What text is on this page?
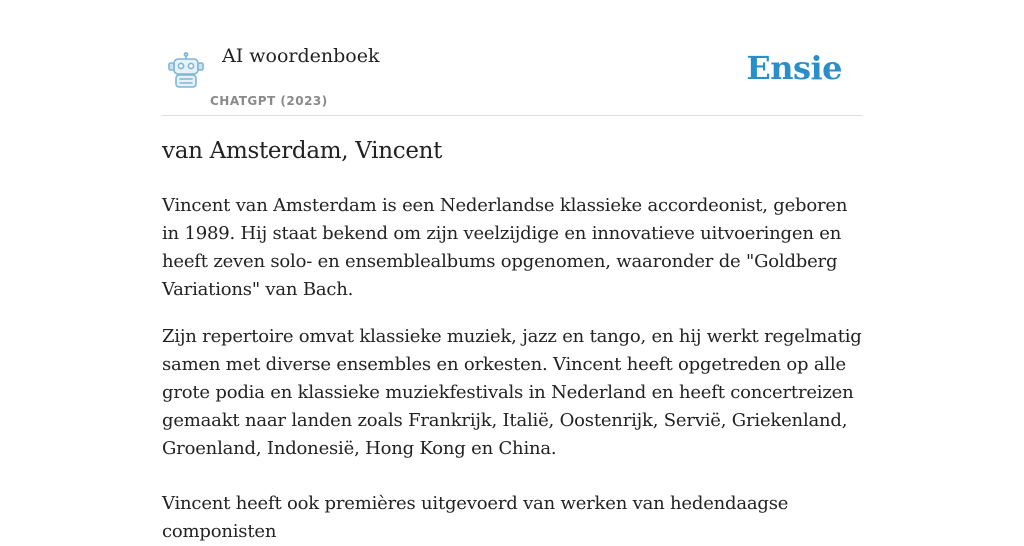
AI woordenboek
CHATGPT (2023)
Ensie
van Amsterdam, Vincent

Vincent van Amsterdam is een Nederlandse klassieke accordeonist, geboren in 1989. Hij staat bekend om zijn veelzijdige en innovatieve uitvoeringen en heeft zeven solo- en ensemblealbums opgenomen, waaronder de "Goldberg Variations" van Bach.

Zijn repertoire omvat klassieke muziek, jazz en tango, en hij werkt regelmatig samen met diverse ensembles en orkesten. Vincent heeft opgetreden op alle grote podia en klassieke muziekfestivals in Nederland en heeft concertreizen gemaakt naar landen zoals Frankrijk, Italië, Oostenrijk, Servië, Griekenland, Groenland, Indonesië, Hong Kong en China.

Vincent heeft ook premières uitgevoerd van werken van hedendaagse componisten
